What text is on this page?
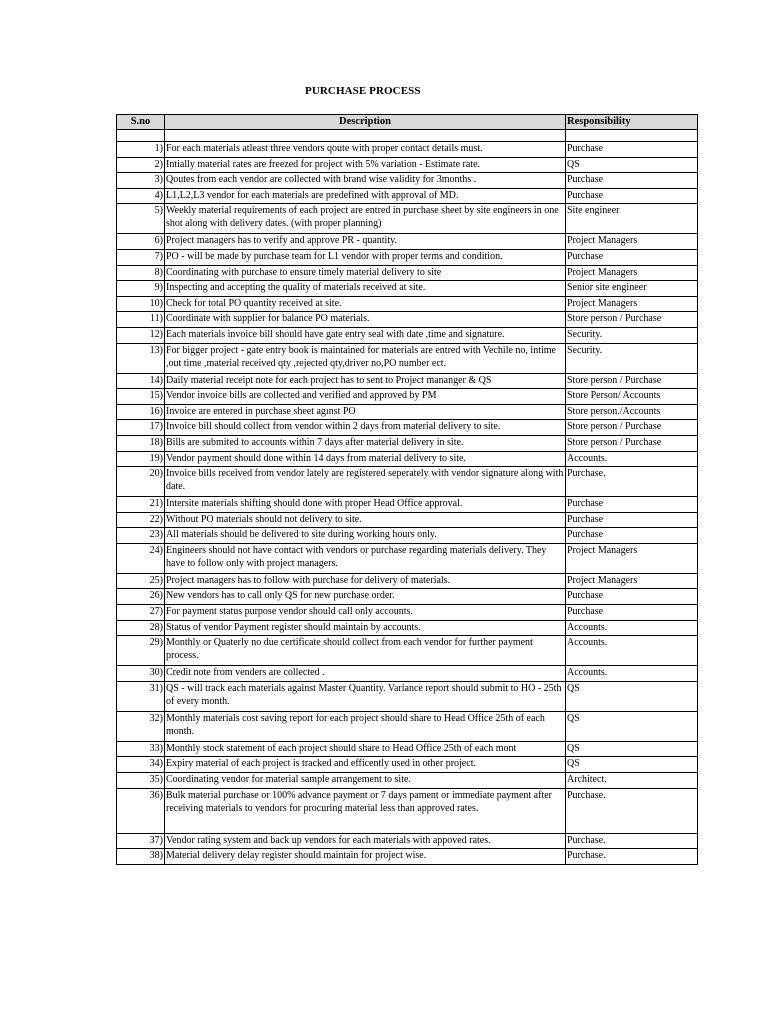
PURCHASE PROCESS
S.no	Description	Responsibility

1)	For each materials atleast three vendors qoute with proper contact details must.	Purchase
2)	Intially material rates are freezed for project with 5% variation - Estimate rate.	QS
3)	Qoutes from each vendor are collected with brand wise validity for 3months .	Purchase
4)	L1,L2,L3 vendor for each materials are predefined with approval of MD.	Purchase
5)	Weekly material requirements of each project are entred in purchase sheet by site engineers in one shot along with delivery dates. (with proper planning)	Site engineer
6)	Project managers has to verify and approve PR - quantity.	Project Managers
7)	PO - will be made by purchase team for L1 vendor with proper terms and condition.	Purchase
8)	Coordinating with purchase to ensure timely material delivery to site	Project Managers
9)	Inspecting and accepting the quality of materials received at site.	Senior site engineer
10)	Check for total PO quantity received at site.	Project Managers
11)	Coordinate with supplier for balance PO materials.	Store person / Purchase
12)	Each materials invoice bill should have gate entry seal with date ,time and signature.	Security.
13)	For bigger project - gate entry book is maintained for materials are entred with Vechile no, intime ,out time ,material received qty ,rejected qty,driver no,PO number ect.	Security.
14)	Daily material receipt note for each project has to sent to Project mananger & QS	Store person / Purchase
15)	Vendor invoice bills are collected and verified and approved by PM	Store Person/ Accounts
16)	Invoice are entered in purchase sheet agınst PO	Store person./Accounts
17)	Invoice bill should collect from vendor within 2 days from material delivery to site.	Store person / Purchase
18)	Bills are submited to accounts within 7 days after material delivery in site.	Store person / Purchase
19)	Vendor payment should done within 14 days from material delivery to site.	Accounts.
20)	Invoice bills received from vendor lately are registered seperately with vendor signature along with date.	Purchase.
21)	Intersite materials shifting should done with proper Head Office approval.	Purchase
22)	Without PO materials should not delivery to site.	Purchase
23)	All materials should be delivered to site during working hours only.	Purchase
24)	Engineers should not have contact with vendors or purchase regarding materials delivery. They have to follow only with project managers.	Project Managers
25)	Project managers has to follow with purchase for delivery of materials.	Project Managers
26)	New vendors has to call only QS for new purchase order.	Purchase
27)	For payment status purpose vendor should call only accounts.	Purchase
28)	Status of vendor Payment register should maintain by accounts.	Accounts.
29)	Monthly or Quaterly no due certificate should collect from each vendor for further payment process.	Accounts.
30)	Credit note from venders are collected .	Accounts.
31)	QS - will track each materials against Master Quantity. Variance report should submit to HO - 25th of every month.	QS
32)	Monthly materials cost saving report for each project should share to Head Office 25th of each month.	QS
33)	Monthly stock statement of each project should share to Head Office 25th of each mont	QS
34)	Expiry material of each project is tracked and efficently used in other project.	QS
35)	Coordinating vendor for material sample arrangement to site.	Architect.
36)	Bulk material purchase or 100% advance payment or 7 days pament or immediate payment after receiving materials to vendors for procuring material less than approved rates.	Purchase.
37)	Vendor rating system and back up vendors for each materials with appoved rates.	Purchase.
38)	Material delivery delay register should maintain for project wise.	Purchase.
